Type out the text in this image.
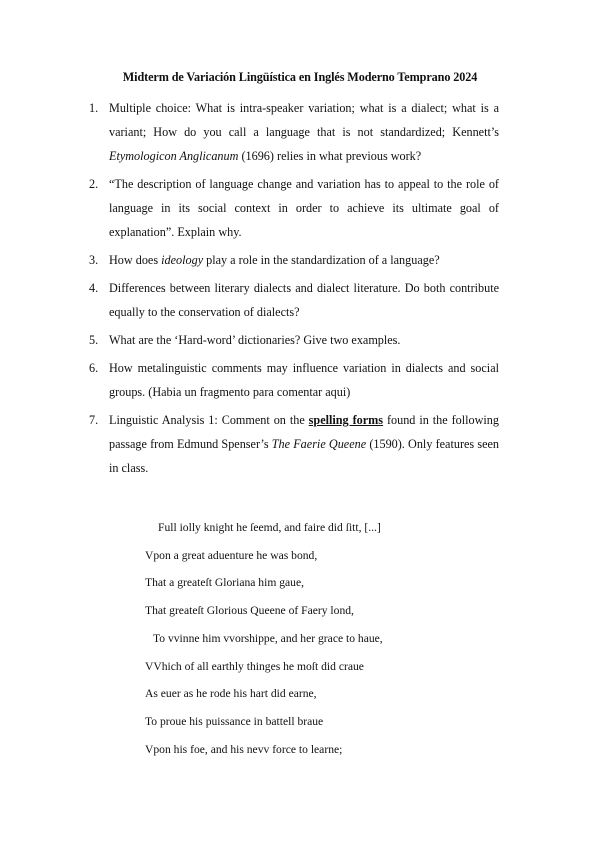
Midterm de Variación Lingüística en Inglés Moderno Temprano 2024
1. Multiple choice: What is intra-speaker variation; what is a dialect; what is a variant; How do you call a language that is not standardized; Kennett’s Etymologicon Anglicanum (1696) relies in what previous work?
2. “The description of language change and variation has to appeal to the role of language in its social context in order to achieve its ultimate goal of explanation”. Explain why.
3. How does ideology play a role in the standardization of a language?
4. Differences between literary dialects and dialect literature. Do both contribute equally to the conservation of dialects?
5. What are the ‘Hard-word’ dictionaries? Give two examples.
6. How metalinguistic comments may influence variation in dialects and social groups. (Habia un fragmento para comentar aqui)
7. Linguistic Analysis 1: Comment on the spelling forms found in the following passage from Edmund Spenser’s The Faerie Queene (1590). Only features seen in class.
Full iolly knight he ſeemd, and faire did ſitt, [...]
Vpon a great aduenture he was bond,
That a greateſt Gloriana him gaue,
That greateſt Glorious Queene of Faery lond,
To vvinne him vvorshippe, and her grace to haue,
VVhich of all earthly thinges he moſt did craue
As euer as he rode his hart did earne,
To proue his puissance in battell braue
Vpon his foe, and his nevv force to learne;
